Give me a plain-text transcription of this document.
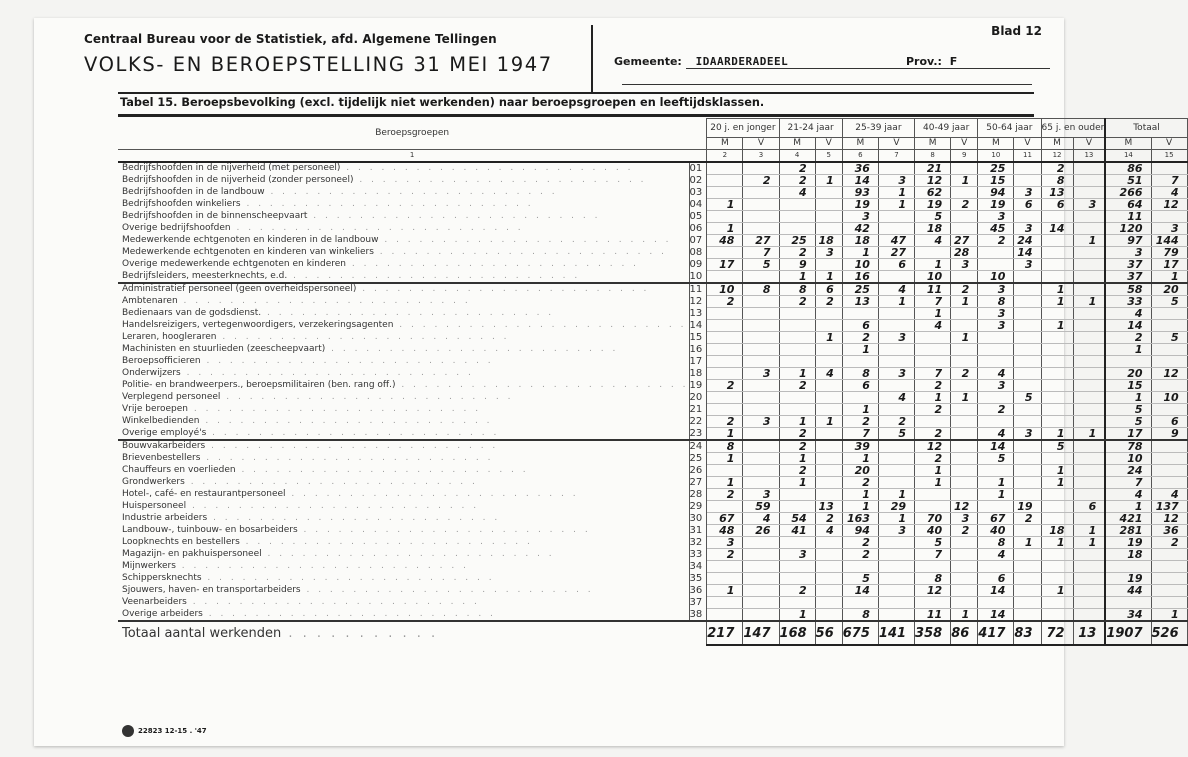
Centraal Bureau voor de Statistiek, afd. Algemene Tellingen
VOLKS- EN BEROEPSTELLING 31 MEI 1947
Blad 12
Gemeente: IDAARDERADEEL	Prov.: F
Tabel 15. Beroepsbevolking (excl. tijdelijk niet werkenden) naar beroepsgroepen en leeftijdsklassen.
Beroepsgroepen		20 j. en jonger		21-24 jaar		25-39 jaar		40-49 jaar		50-64 jaar		65 j. en ouder		Totaal	
		M	V	M	V	M	V	M	V	M	V	M	V	M	V
1		2	3	4	5	6	7	8	9	10	11	12	13	14	15
Bedrijfshoofden in de nijverheid (met personeel) . . . . . . . . . . . . . . . . . . . . . . . . .	01			2		36		21		25		2		86	
Bedrijfshoofden in de nijverheid (zonder personeel) . . . . . . . . . . . . . . . . . . . . . . . . .	02		2	2	1	14	3	12	1	15		8		51	7
Bedrijfshoofden in de landbouw . . . . . . . . . . . . . . . . . . . . . . . . .	03			4		93	1	62		94	3	13		266	4
Bedrijfshoofden winkeliers . . . . . . . . . . . . . . . . . . . . . . . . .	04	1				19	1	19	2	19	6	6	3	64	12
Bedrijfshoofden in de binnenscheepvaart . . . . . . . . . . . . . . . . . . . . . . . . .	05					3		5		3				11	
Overige bedrijfshoofden . . . . . . . . . . . . . . . . . . . . . . . . .	06	1				42		18		45	3	14		120	3
Medewerkende echtgenoten en kinderen in de landbouw . . . . . . . . . . . . . . . . . . . . . . . . .	07	48	27	25	18	18	47	4	27	2	24		1	97	144
Medewerkende echtgenoten en kinderen van winkeliers . . . . . . . . . . . . . . . . . . . . . . . . .	08		7	2	3	1	27		28		14			3	79
Overige medewerkende echtgenoten en kinderen . . . . . . . . . . . . . . . . . . . . . . . . .	09	17	5	9		10	6	1	3		3			37	17
Bedrijfsleiders, meesterknechts, e.d. . . . . . . . . . . . . . . . . . . . . . . . . .	10			1	1	16		10		10				37	1
Administratief personeel (geen overheidspersoneel) . . . . . . . . . . . . . . . . . . . . . . . . .	11	10	8	8	6	25	4	11	2	3		1		58	20
Ambtenaren . . . . . . . . . . . . . . . . . . . . . . . . .	12	2		2	2	13	1	7	1	8		1	1	33	5
Bedienaars van de godsdienst. . . . . . . . . . . . . . . . . . . . . . . . . .	13							1		3				4	
Handelsreizigers, vertegenwoordigers, verzekeringsagenten . . . . . . . . . . . . . . . . . . . . . . . . .	14					6		4		3		1		14	
Leraren, hoogleraren . . . . . . . . . . . . . . . . . . . . . . . . .	15				1	2	3		1					2	5
Machinisten en stuurlieden (zeescheepvaart) . . . . . . . . . . . . . . . . . . . . . . . . .	16					1								1	
Beroepsofficieren . . . . . . . . . . . . . . . . . . . . . . . . .	17														
Onderwijzers . . . . . . . . . . . . . . . . . . . . . . . . .	18		3	1	4	8	3	7	2	4				20	12
Politie- en brandweerpers., beroepsmilitairen (ben. rang off.) . . . . . . . . . . . . . . . . . . . . . . . . .	19	2		2		6		2		3				15	
Verplegend personeel . . . . . . . . . . . . . . . . . . . . . . . . .	20						4	1	1		5			1	10
Vrije beroepen . . . . . . . . . . . . . . . . . . . . . . . . .	21					1		2		2				5	
Winkelbedienden . . . . . . . . . . . . . . . . . . . . . . . . .	22	2	3	1	1	2	2							5	6
Overige employé's . . . . . . . . . . . . . . . . . . . . . . . . .	23	1		2		7	5	2		4	3	1	1	17	9
Bouwvakarbeiders . . . . . . . . . . . . . . . . . . . . . . . . .	24	8		2		39		12		14		5		78	
Brievenbestellers . . . . . . . . . . . . . . . . . . . . . . . . .	25	1		1		1		2		5				10	
Chauffeurs en voerlieden . . . . . . . . . . . . . . . . . . . . . . . . .	26			2		20		1				1		24	
Grondwerkers . . . . . . . . . . . . . . . . . . . . . . . . .	27	1		1		2		1		1		1		7	
Hotel-, café- en restaurantpersoneel . . . . . . . . . . . . . . . . . . . . . . . . .	28	2	3			1	1			1				4	4
Huispersoneel . . . . . . . . . . . . . . . . . . . . . . . . .	29		59		13	1	29		12		19		6	1	137
Industrie arbeiders . . . . . . . . . . . . . . . . . . . . . . . . .	30	67	4	54	2	163	1	70	3	67	2			421	12
Landbouw-, tuinbouw- en bosarbeiders . . . . . . . . . . . . . . . . . . . . . . . . .	31	48	26	41	4	94	3	40	2	40		18	1	281	36
Loopknechts en bestellers . . . . . . . . . . . . . . . . . . . . . . . . .	32	3				2		5		8	1	1	1	19	2
Magazijn- en pakhuispersoneel . . . . . . . . . . . . . . . . . . . . . . . . .	33	2		3		2		7		4				18	
Mijnwerkers . . . . . . . . . . . . . . . . . . . . . . . . .	34														
Schippersknechts . . . . . . . . . . . . . . . . . . . . . . . . .	35					5		8		6				19	
Sjouwers, haven- en transportarbeiders . . . . . . . . . . . . . . . . . . . . . . . . .	36	1		2		14		12		14		1		44	
Veenarbeiders . . . . . . . . . . . . . . . . . . . . . . . . .	37														
Overige arbeiders . . . . . . . . . . . . . . . . . . . . . . . . .	38			1		8		11	1	14				34	1
Totaal aantal werkenden . . . . . . . . . . .		217	147	168	56	675	141	358	86	417	83	72	13	1907	526
22823 12-15 . '47
